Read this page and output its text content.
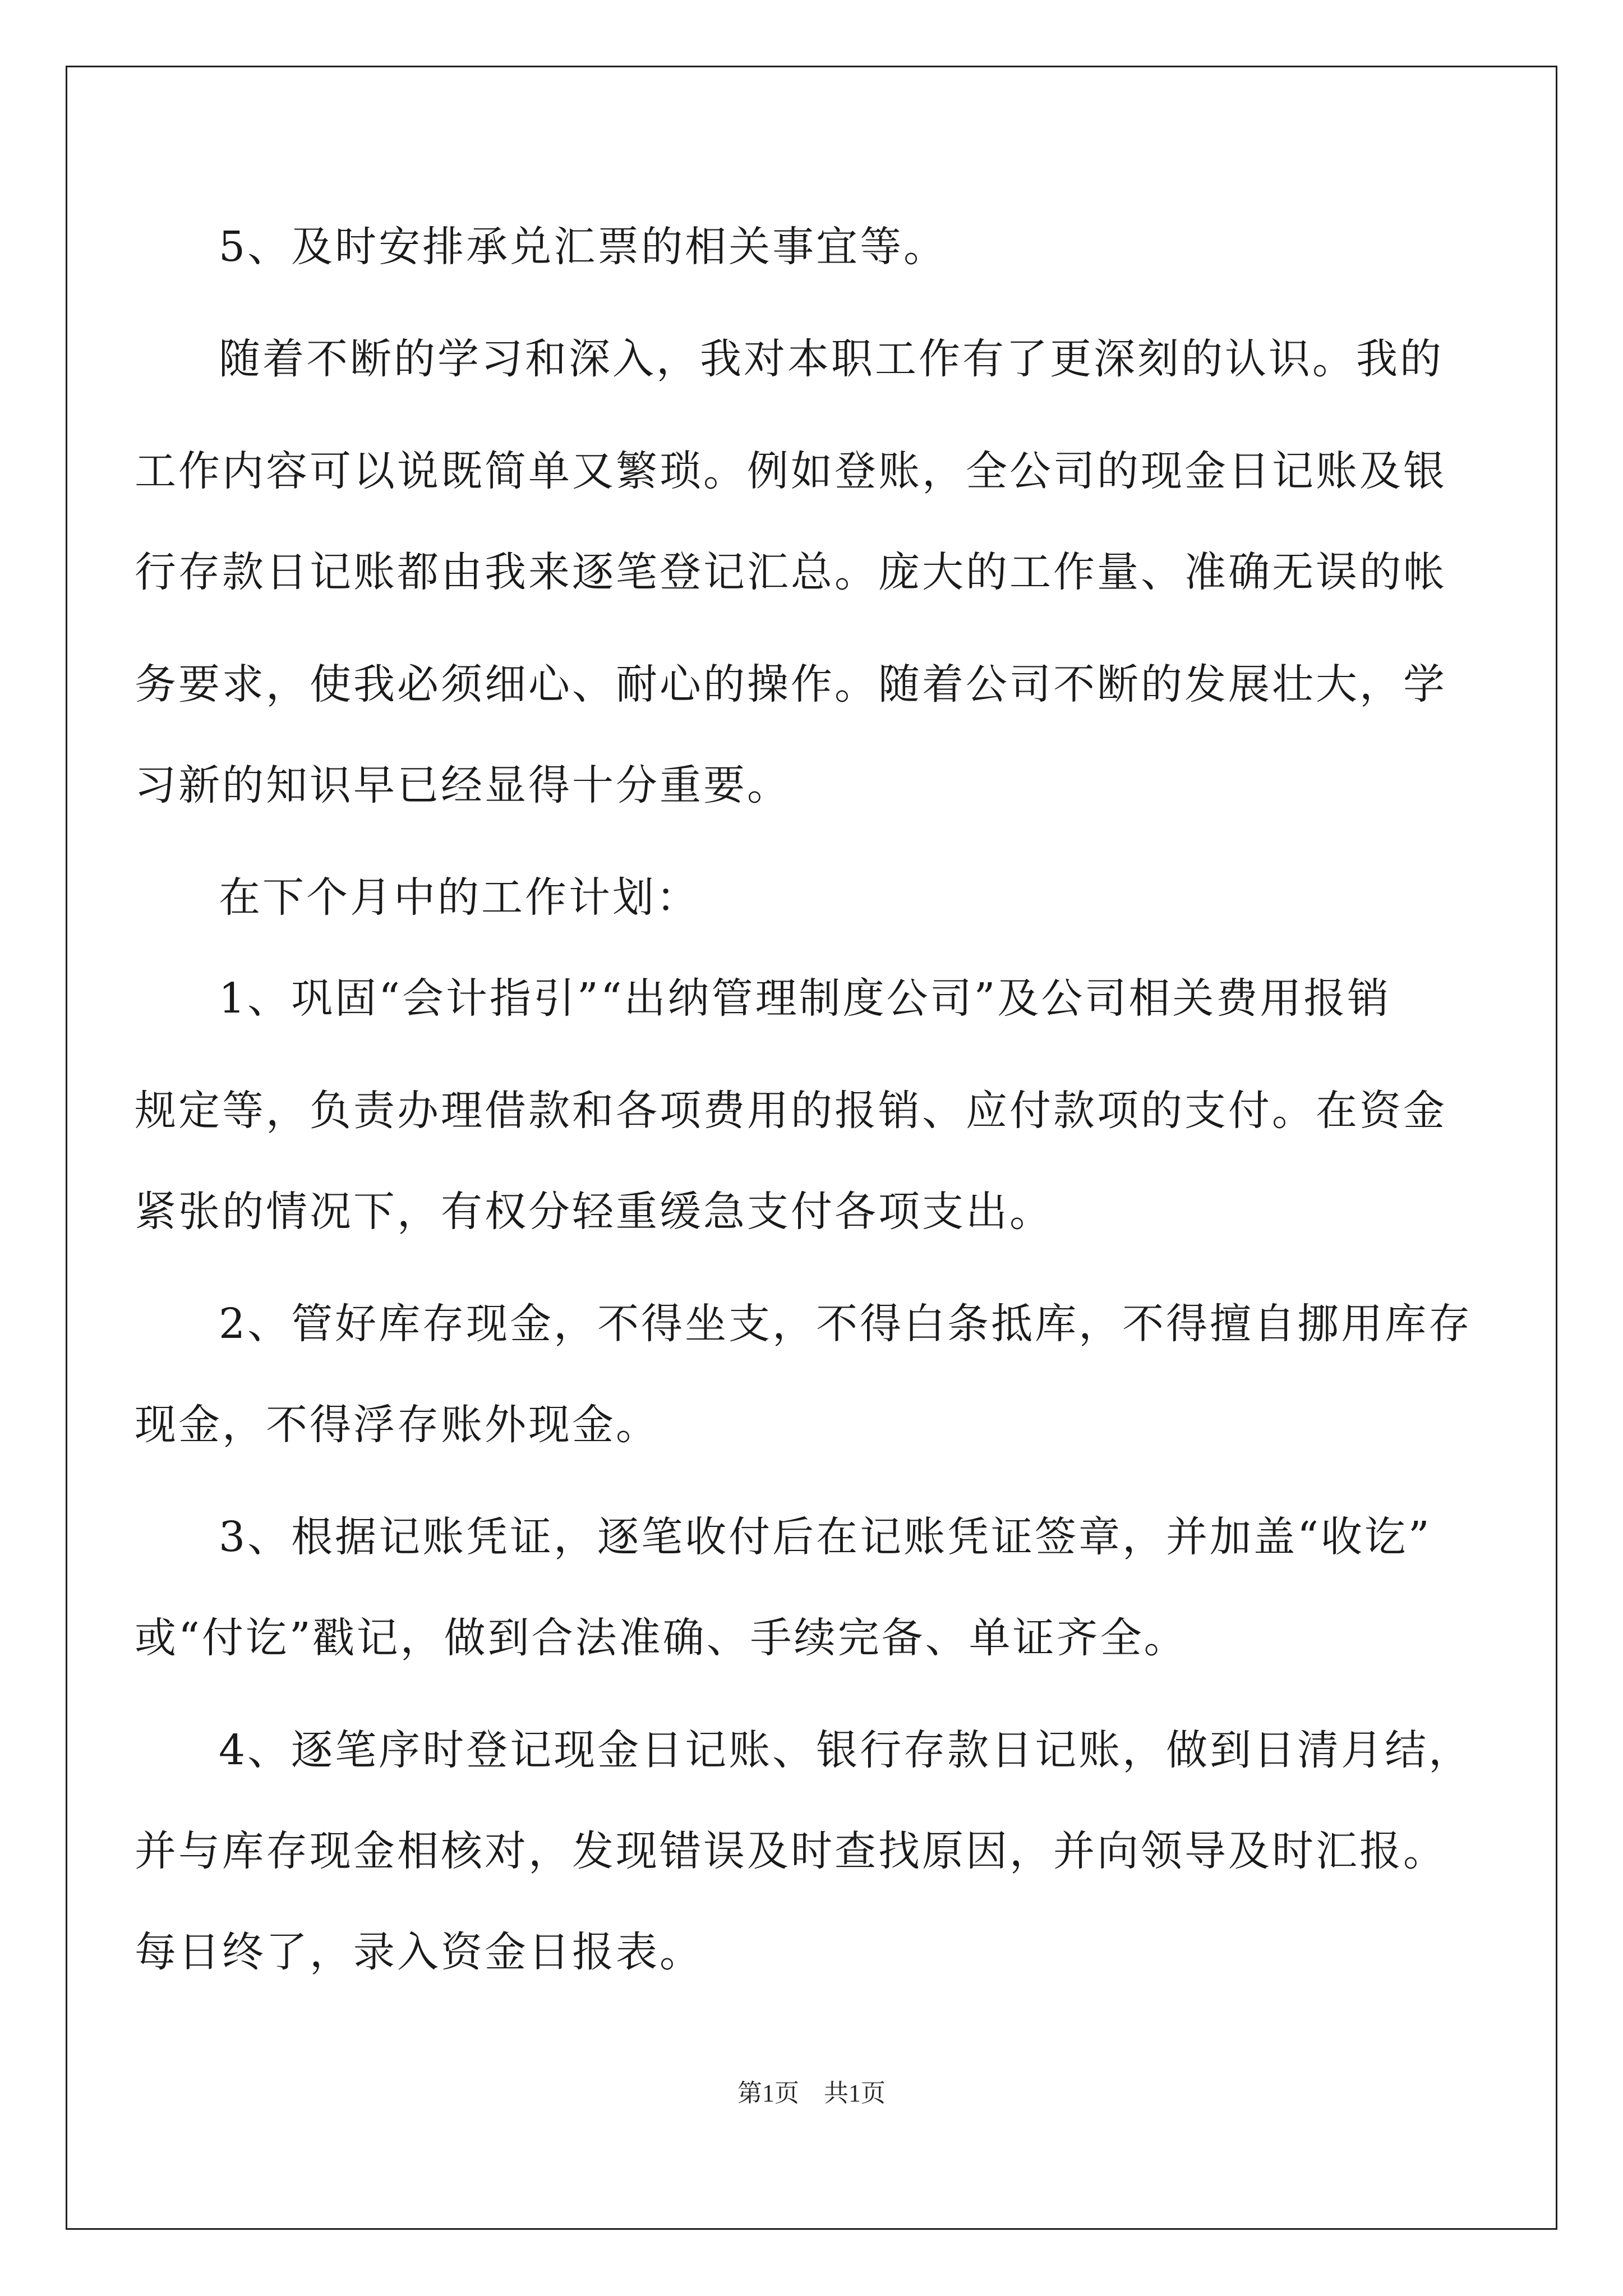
5、及时安排承兑汇票的相关事宜等。
随着不断的学习和深入，我对本职工作有了更深刻的认识。我的
工作内容可以说既简单又繁琐。例如登账，全公司的现金日记账及银
行存款日记账都由我来逐笔登记汇总。庞大的工作量、准确无误的帐
务要求，使我必须细心、耐心的操作。随着公司不断的发展壮大，学
习新的知识早已经显得十分重要。
在下个月中的工作计划：
1、巩固“会计指引”“出纳管理制度公司”及公司相关费用报销
规定等，负责办理借款和各项费用的报销、应付款项的支付。在资金
紧张的情况下，有权分轻重缓急支付各项支出。
2、管好库存现金，不得坐支，不得白条抵库，不得擅自挪用库存
现金，不得浮存账外现金。
3、根据记账凭证，逐笔收付后在记账凭证签章，并加盖“收讫”
或“付讫”戳记，做到合法准确、手续完备、单证齐全。
4、逐笔序时登记现金日记账、银行存款日记账，做到日清月结，
并与库存现金相核对，发现错误及时查找原因，并向领导及时汇报。
每日终了，录入资金日报表。
第1页　共1页
